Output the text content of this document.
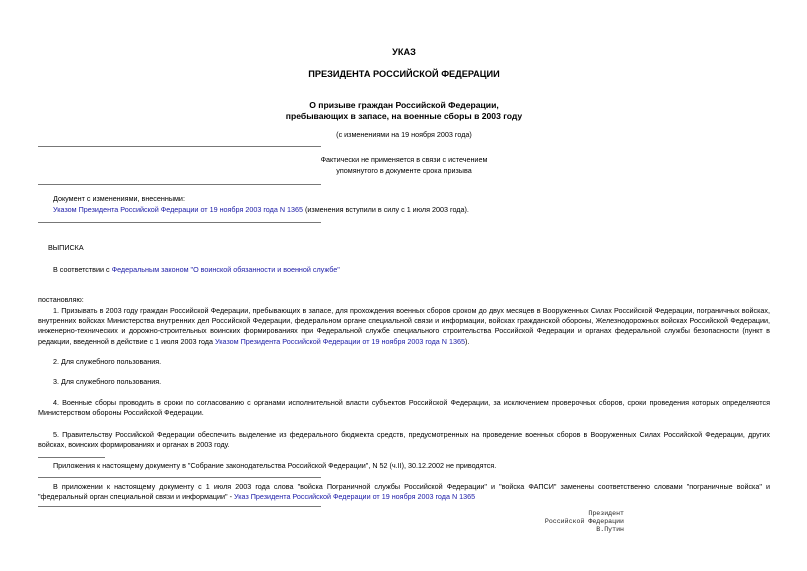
УКАЗ
ПРЕЗИДЕНТА РОССИЙСКОЙ ФЕДЕРАЦИИ
О призыве граждан Российской Федерации,
пребывающих в запасе, на военные сборы в 2003 году
(с изменениями на 19 ноября 2003 года)
Фактически не применяется в связи с истечением
упомянутого в документе срока призыва
Документ с изменениями, внесенными:
Указом Президента Российской Федерации от 19 ноября 2003 года N 1365 (изменения вступили в силу с 1 июля 2003 года).
ВЫПИСКА
В соответствии с Федеральным законом "О воинской обязанности и военной службе"
постановляю:

1. Призывать в 2003 году граждан Российской Федерации, пребывающих в запасе, для прохождения военных сборов сроком до двух месяцев в Вооруженных Силах Российской Федерации, пограничных войсках, внутренних войсках Министерства внутренних дел Российской Федерации, федеральном органе специальной связи и информации, войсках гражданской обороны, Железнодорожных войсках Российской Федерации, инженерно-технических и дорожно-строительных воинских формированиях при Федеральной службе специального строительства Российской Федерации и органах федеральной службы безопасности (пункт в редакции, введенной в действие с 1 июля 2003 года Указом Президента Российской Федерации от 19 ноября 2003 года N 1365).

2. Для служебного пользования.

3. Для служебного пользования.

4. Военные сборы проводить в сроки по согласованию с органами исполнительной власти субъектов Российской Федерации, за исключением проверочных сборов, сроки проведения которых определяются Министерством обороны Российской Федерации.

5. Правительству Российской Федерации обеспечить выделение из федерального бюджекта средств, предусмотренных на проведение военных сборов в Вооруженных Силах Российской Федерации, других войсках, воинских формированиях и органах в 2003 году.

Приложения к настоящему документу в "Собрание законодательства Российской Федерации", N 52 (ч.II), 30.12.2002 не приводятся.

В приложении к настоящему документу с 1 июля 2003 года слова "войска Пограничной службы Российской Федерации" и "войска ФАПСИ" заменены соответственно словами "пограничные войска" и "федеральный орган специальной связи и информации" - Указ Президента Российской Федерации от 19 ноября 2003 года N 1365

Президент
Российской Федерации
В.Путин
